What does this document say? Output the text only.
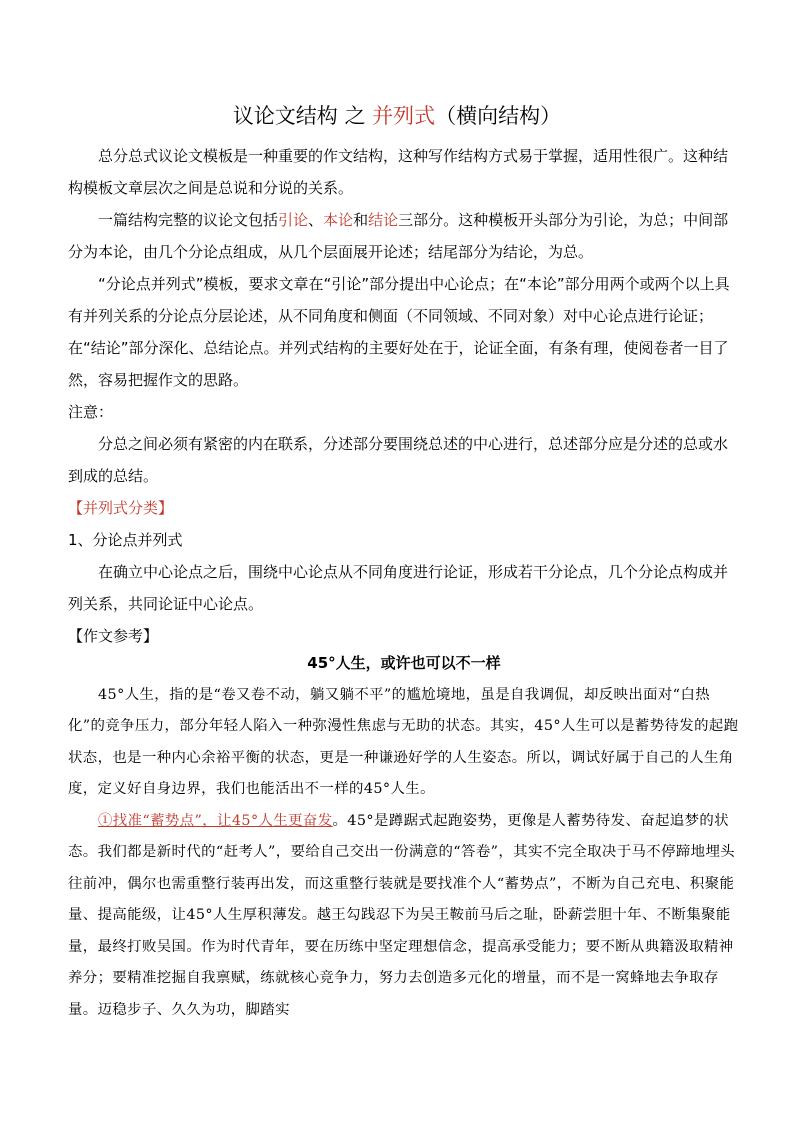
议论文结构 之 并列式（横向结构）

总分总式议论文模板是一种重要的作文结构，这种写作结构方式易于掌握，适用性很广。这种结构模板文章层次之间是总说和分说的关系。

一篇结构完整的议论文包括引论、本论和结论三部分。这种模板开头部分为引论，为总；中间部分为本论，由几个分论点组成，从几个层面展开论述；结尾部分为结论，为总。

“分论点并列式”模板，要求文章在“引论”部分提出中心论点；在“本论”部分用两个或两个以上具有并列关系的分论点分层论述，从不同角度和侧面（不同领域、不同对象）对中心论点进行论证；在“结论”部分深化、总结论点。并列式结构的主要好处在于，论证全面，有条有理，使阅卷者一目了然，容易把握作文的思路。

注意：

分总之间必须有紧密的内在联系，分述部分要围绕总述的中心进行，总述部分应是分述的总或水到成的总结。

【并列式分类】

1、分论点并列式

在确立中心论点之后，围绕中心论点从不同角度进行论证，形成若干分论点，几个分论点构成并列关系，共同论证中心论点。

【作文参考】

45°人生，或许也可以不一样

45°人生，指的是“卷又卷不动，躺又躺不平”的尴尬境地，虽是自我调侃，却反映出面对“白热化”的竞争压力，部分年轻人陷入一种弥漫性焦虑与无助的状态。其实，45°人生可以是蓄势待发的起跑状态，也是一种内心余裕平衡的状态，更是一种谦逊好学的人生姿态。所以，调试好属于自己的人生角度，定义好自身边界，我们也能活出不一样的45°人生。

①找准“蓄势点”，让45°人生更奋发。45°是蹲踞式起跑姿势，更像是人蓄势待发、奋起追梦的状态。我们都是新时代的“赶考人”，要给自己交出一份满意的“答卷”，其实不完全取决于马不停蹄地埋头往前冲，偶尔也需重整行装再出发，而这重整行装就是要找准个人“蓄势点”，不断为自己充电、积聚能量、提高能级，让45°人生厚积薄发。越王勾践忍下为吴王鞍前马后之耻，卧薪尝胆十年、不断集聚能量，最终打败吴国。作为时代青年，要在历练中坚定理想信念，提高承受能力；要不断从典籍汲取精神养分；要精准挖掘自我禀赋，练就核心竞争力，努力去创造多元化的增量，而不是一窝蜂地去争取存量。迈稳步子、久久为功，脚踏实
